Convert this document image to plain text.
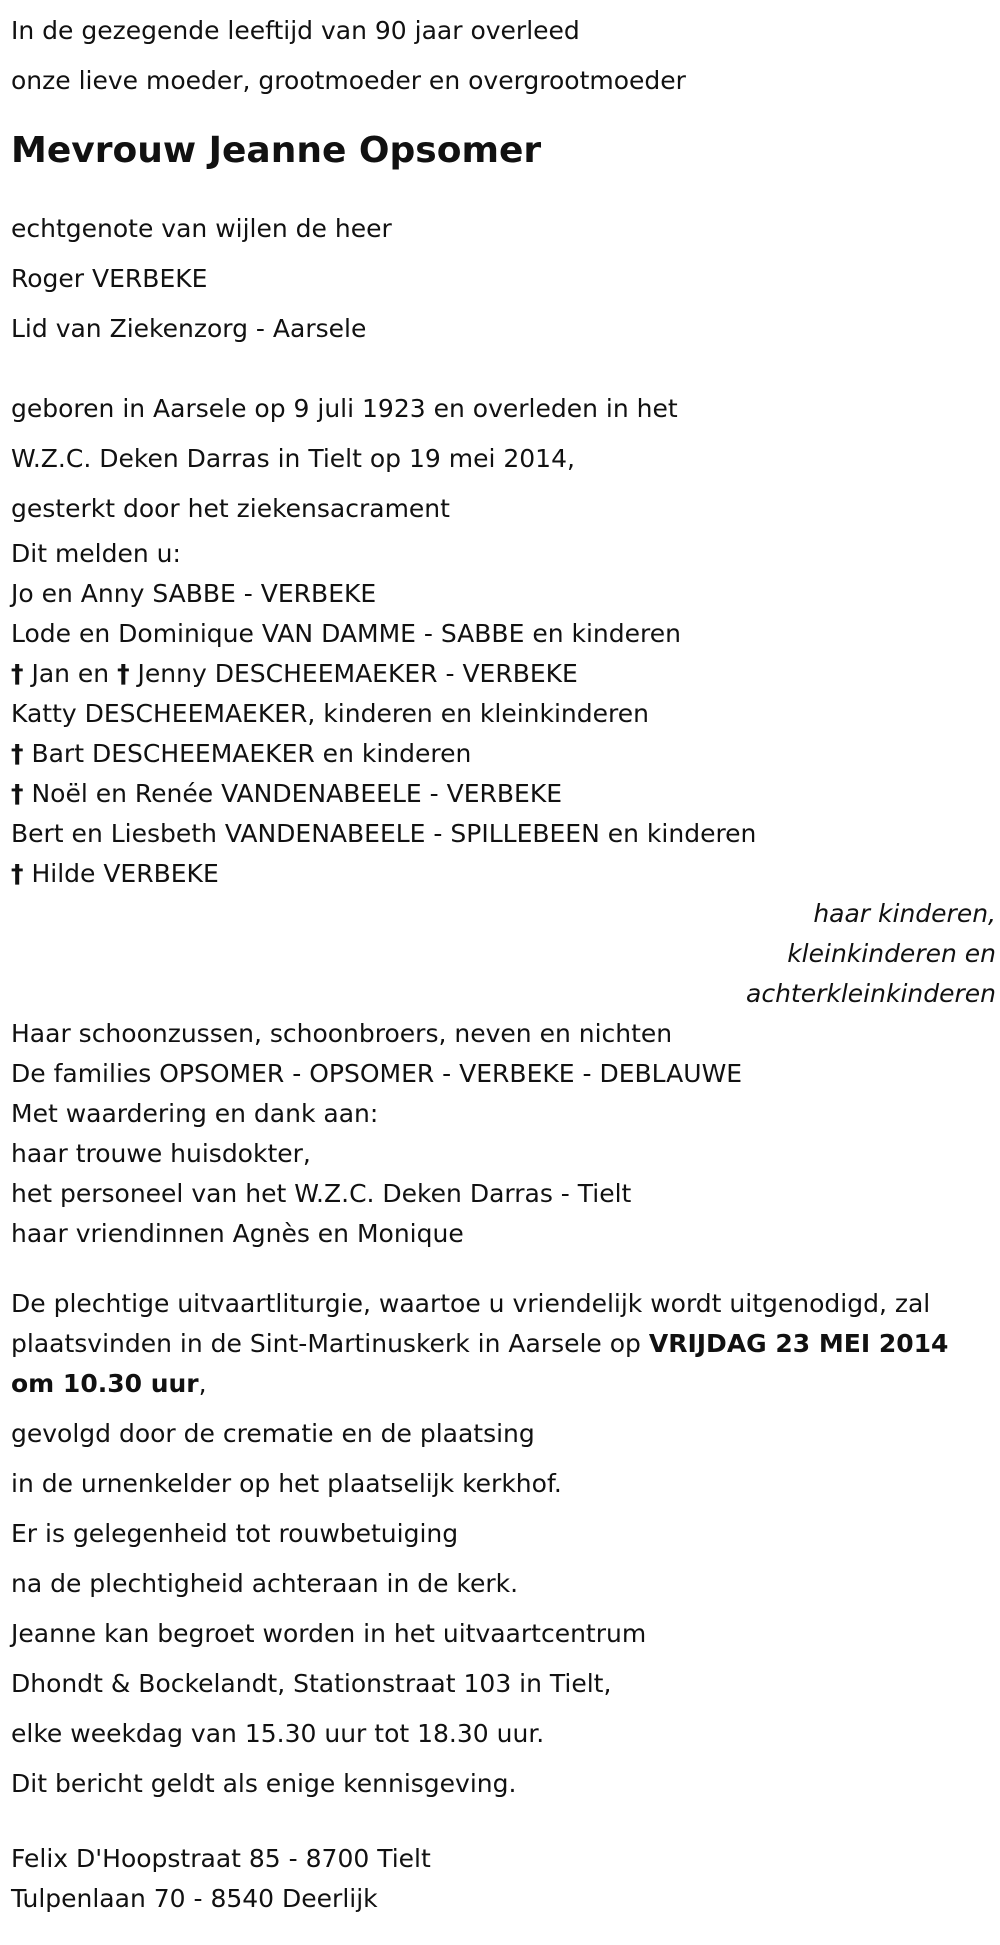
In de gezegende leeftijd van 90 jaar overleed
onze lieve moeder, grootmoeder en overgrootmoeder
Mevrouw Jeanne Opsomer
echtgenote van wijlen de heer
Roger VERBEKE
Lid van Ziekenzorg - Aarsele
geboren in Aarsele op 9 juli 1923 en overleden in het
W.Z.C. Deken Darras in Tielt op 19 mei 2014,
gesterkt door het ziekensacrament
Dit melden u:
Jo en Anny SABBE - VERBEKE
Lode en Dominique VAN DAMME - SABBE en kinderen
† Jan en † Jenny DESCHEEMAEKER - VERBEKE
Katty DESCHEEMAEKER, kinderen en kleinkinderen
† Bart DESCHEEMAEKER en kinderen
† Noël en Renée VANDENABEELE - VERBEKE
Bert en Liesbeth VANDENABEELE - SPILLEBEEN en kinderen
† Hilde VERBEKE
haar kinderen,
kleinkinderen en
achterkleinkinderen
Haar schoonzussen, schoonbroers, neven en nichten
De families OPSOMER - OPSOMER - VERBEKE - DEBLAUWE
Met waardering en dank aan:
haar trouwe huisdokter,
het personeel van het W.Z.C. Deken Darras - Tielt
haar vriendinnen Agnès en Monique
De plechtige uitvaartliturgie, waartoe u vriendelijk wordt uitgenodigd, zal plaatsvinden in de Sint-Martinuskerk in Aarsele op VRIJDAG 23 MEI 2014 om 10.30 uur,
gevolgd door de crematie en de plaatsing
in de urnenkelder op het plaatselijk kerkhof.
Er is gelegenheid tot rouwbetuiging
na de plechtigheid achteraan in de kerk.
Jeanne kan begroet worden in het uitvaartcentrum
Dhondt & Bockelandt, Stationstraat 103 in Tielt,
elke weekdag van 15.30 uur tot 18.30 uur.
Dit bericht geldt als enige kennisgeving.
Felix D'Hoopstraat 85 - 8700 Tielt
Tulpenlaan 70 - 8540 Deerlijk
